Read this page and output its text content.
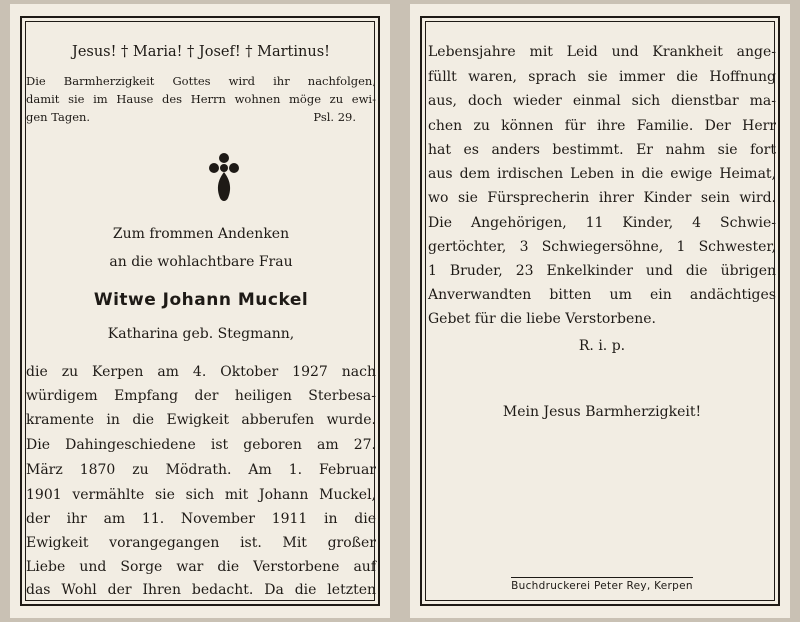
Jesus! † Maria! † Josef! † Martinus!
Die Barmherzigkeit Gottes wird ihr nachfolgen,
damit sie im Hause des Herrn wohnen möge zu ewi-
gen Tagen.	Psl. 29.
Zum frommen Andenken
an die wohlachtbare Frau
Witwe Johann Muckel
Katharina geb. Stegmann,
die zu Kerpen am 4. Oktober 1927 nach
würdigem Empfang der heiligen Sterbesa-
kramente in die Ewigkeit abberufen wurde.
Die Dahingeschiedene ist geboren am 27.
März 1870 zu Mödrath. Am 1. Februar
1901 vermählte sie sich mit Johann Muckel,
der ihr am 11. November 1911 in die
Ewigkeit vorangegangen ist. Mit großer
Liebe und Sorge war die Verstorbene auf
das Wohl der Ihren bedacht. Da die letzten
Lebensjahre mit Leid und Krankheit ange-
füllt waren, sprach sie immer die Hoffnung
aus, doch wieder einmal sich dienstbar ma-
chen zu können für ihre Familie. Der Herr
hat es anders bestimmt. Er nahm sie fort
aus dem irdischen Leben in die ewige Heimat,
wo sie Fürsprecherin ihrer Kinder sein wird.
Die Angehörigen, 11 Kinder, 4 Schwie-
gertöchter, 3 Schwiegersöhne, 1 Schwester,
1 Bruder, 23 Enkelkinder und die übrigen
Anverwandten bitten um ein andächtiges
Gebet für die liebe Verstorbene.
R. i. p.
Mein Jesus Barmherzigkeit!
Buchdruckerei Peter Rey, Kerpen
